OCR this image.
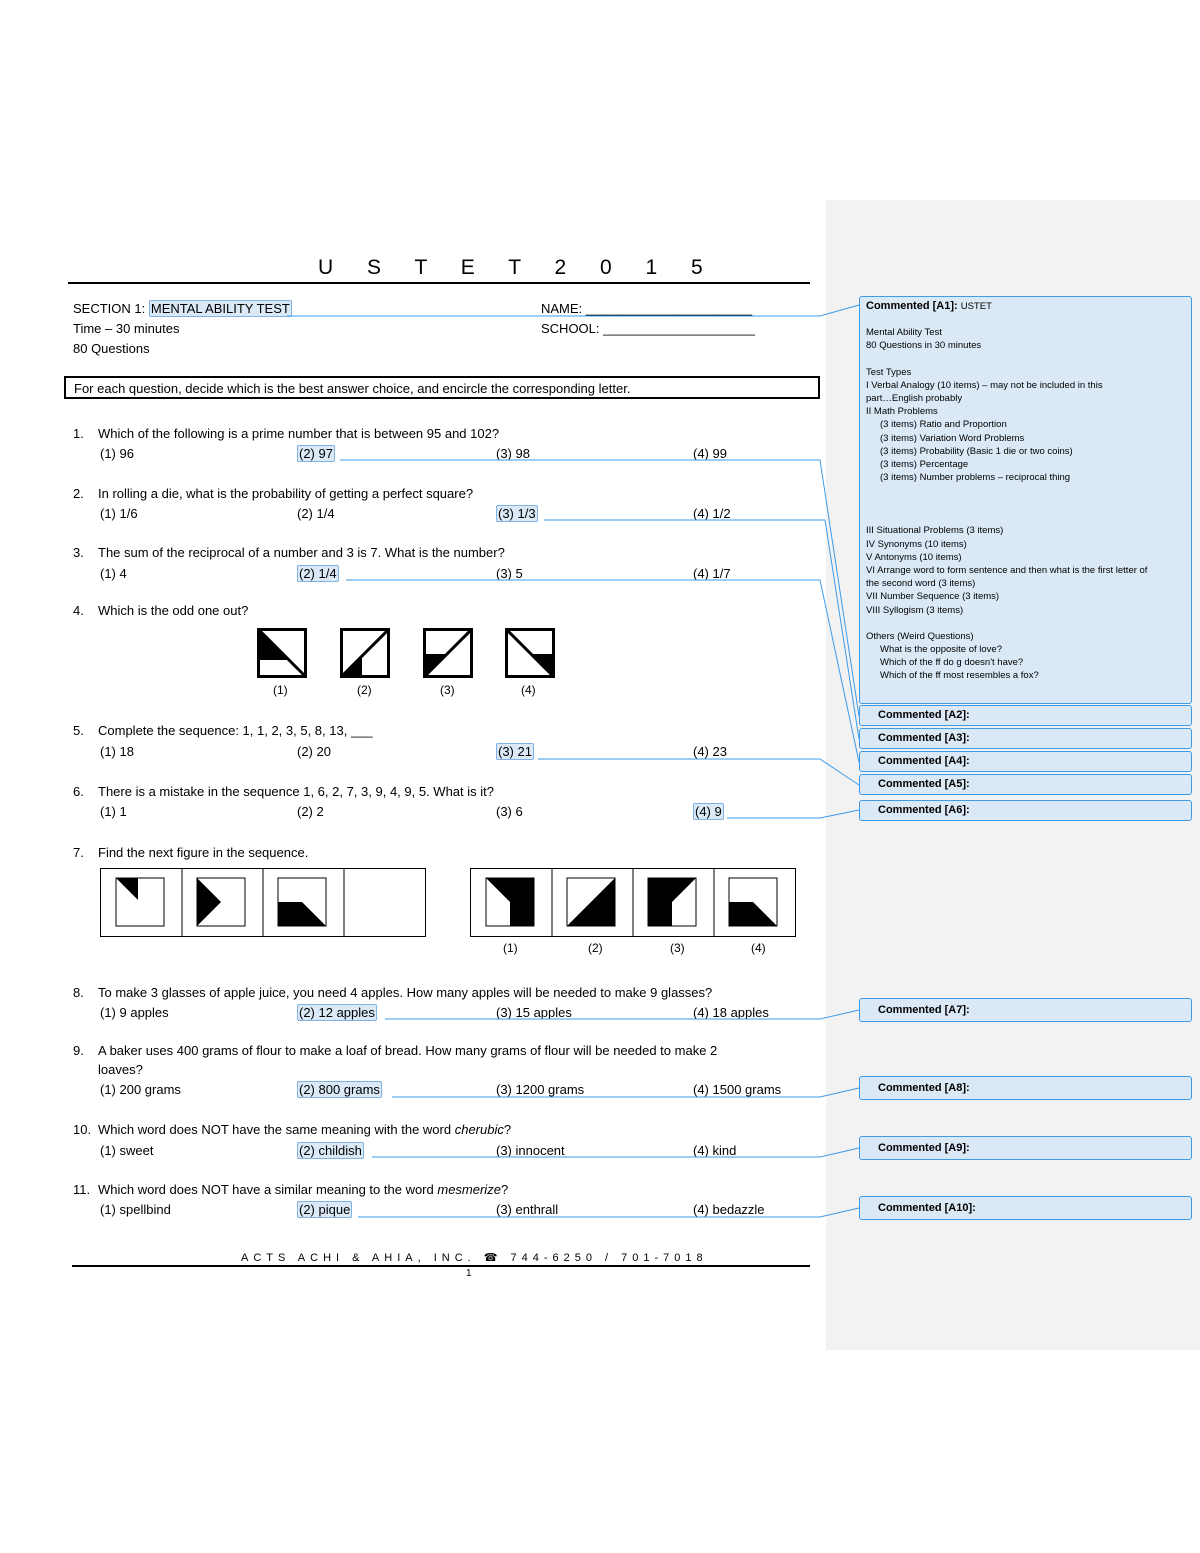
U S T E T 2 0 1 5
SECTION 1: MENTAL ABILITY TEST
Time – 30 minutes
80 Questions
NAME: _______________________
SCHOOL: _____________________
For each question, decide which is the best answer choice, and encircle the corresponding letter.
1. Which of the following is a prime number that is between 95 and 102?
(1) 96	(2) 97	(3) 98	(4) 99
2. In rolling a die, what is the probability of getting a perfect square?
(1) 1/6	(2) 1/4	(3) 1/3	(4) 1/2
3. The sum of the reciprocal of a number and 3 is 7. What is the number?
(1) 4	(2) 1/4	(3) 5	(4) 1/7
4. Which is the odd one out?
(1)	(2)	(3)	(4)
5. Complete the sequence: 1, 1, 2, 3, 5, 8, 13, ___
(1) 18	(2) 20	(3) 21	(4) 23
6. There is a mistake in the sequence 1, 6, 2, 7, 3, 9, 4, 9, 5. What is it?
(1) 1	(2) 2	(3) 6	(4) 9
7. Find the next figure in the sequence.
(1)	(2)	(3)	(4)
8. To make 3 glasses of apple juice, you need 4 apples. How many apples will be needed to make 9 glasses?
(1) 9 apples	(2) 12 apples	(3) 15 apples	(4) 18 apples
9. A baker uses 400 grams of flour to make a loaf of bread. How many grams of flour will be needed to make 2
loaves?
(1) 200 grams	(2) 800 grams	(3) 1200 grams	(4) 1500 grams
10. Which word does NOT have the same meaning with the word cherubic?
(1) sweet	(2) childish	(3) innocent	(4) kind
11. Which word does NOT have a similar meaning to the word mesmerize?
(1) spellbind	(2) pique	(3) enthrall	(4) bedazzle
ACTS ACHI & AHIA, INC. ☎ 744-6250 / 701-7018
1
Commented [A1]: USTET
Mental Ability Test
80 Questions in 30 minutes
Test Types
I Verbal Analogy (10 items) – may not be included in this
part…English probably
II Math Problems
(3 items) Ratio and Proportion
(3 items) Variation Word Problems
(3 items) Probability (Basic 1 die or two coins)
(3 items) Percentage
(3 items) Number problems – reciprocal thing
III Situational Problems (3 items)
IV Synonyms (10 items)
V Antonyms (10 items)
VI Arrange word to form sentence and then what is the first letter of
the second word (3 items)
VII Number Sequence (3 items)
VIII Syllogism (3 items)
Others (Weird Questions)
What is the opposite of love?
Which of the ff do g doesn't have?
Which of the ff most resembles a fox?
Commented [A2]:
Commented [A3]:
Commented [A4]:
Commented [A5]:
Commented [A6]:
Commented [A7]:
Commented [A8]:
Commented [A9]:
Commented [A10]:
